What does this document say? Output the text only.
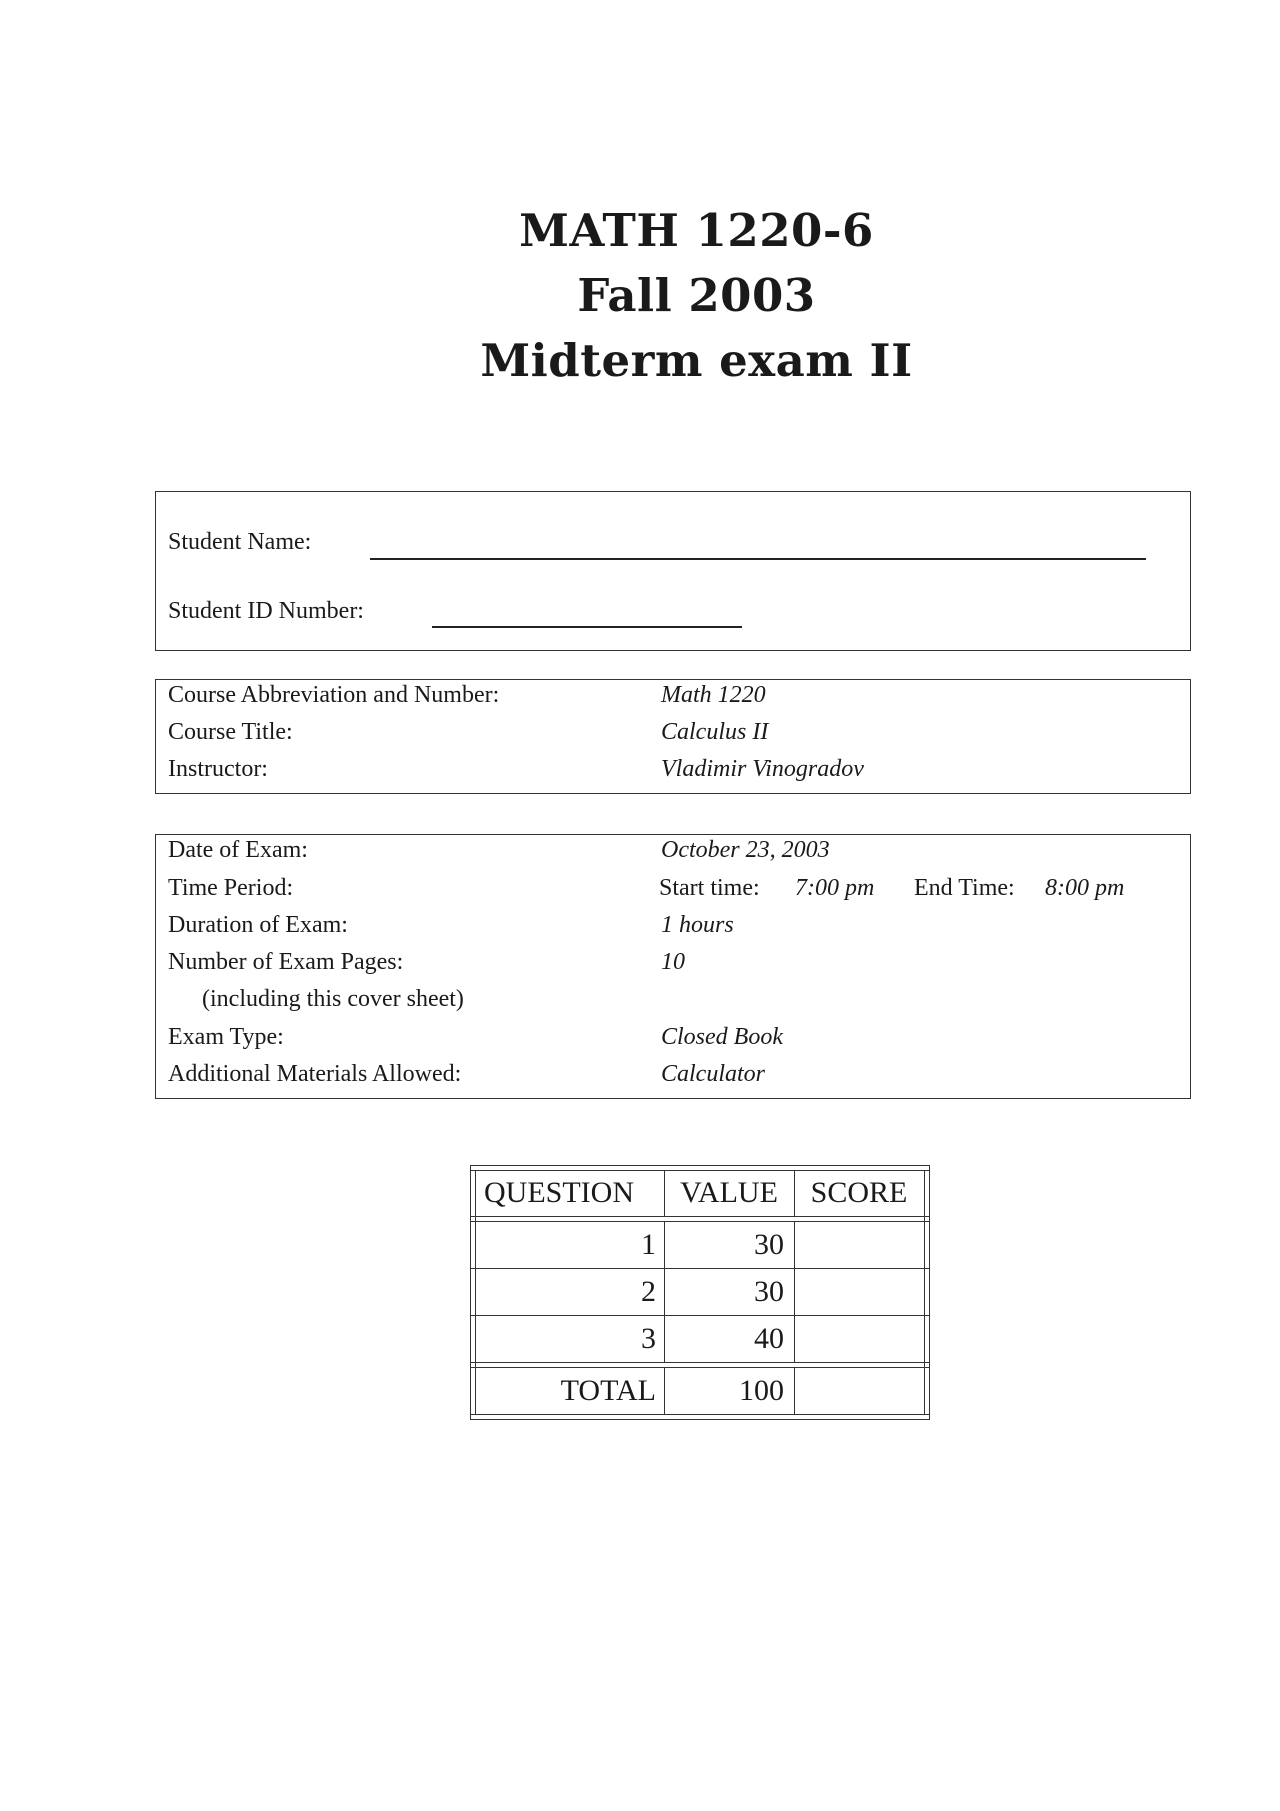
MATH 1220-6
Fall 2003
Midterm exam II
Student Name:
Student ID Number:
Course Abbreviation and Number:	Math 1220
Course Title:	Calculus II
Instructor:	Vladimir Vinogradov
Date of Exam:	October 23, 2003
Time Period:	Start time: 7:00 pm End Time: 8:00 pm
Duration of Exam:	1 hours
Number of Exam Pages:	10
(including this cover sheet)
Exam Type:	Closed Book
Additional Materials Allowed:	Calculator
QUESTION	VALUE	SCORE
1	30
2	30
3	40
TOTAL	100
